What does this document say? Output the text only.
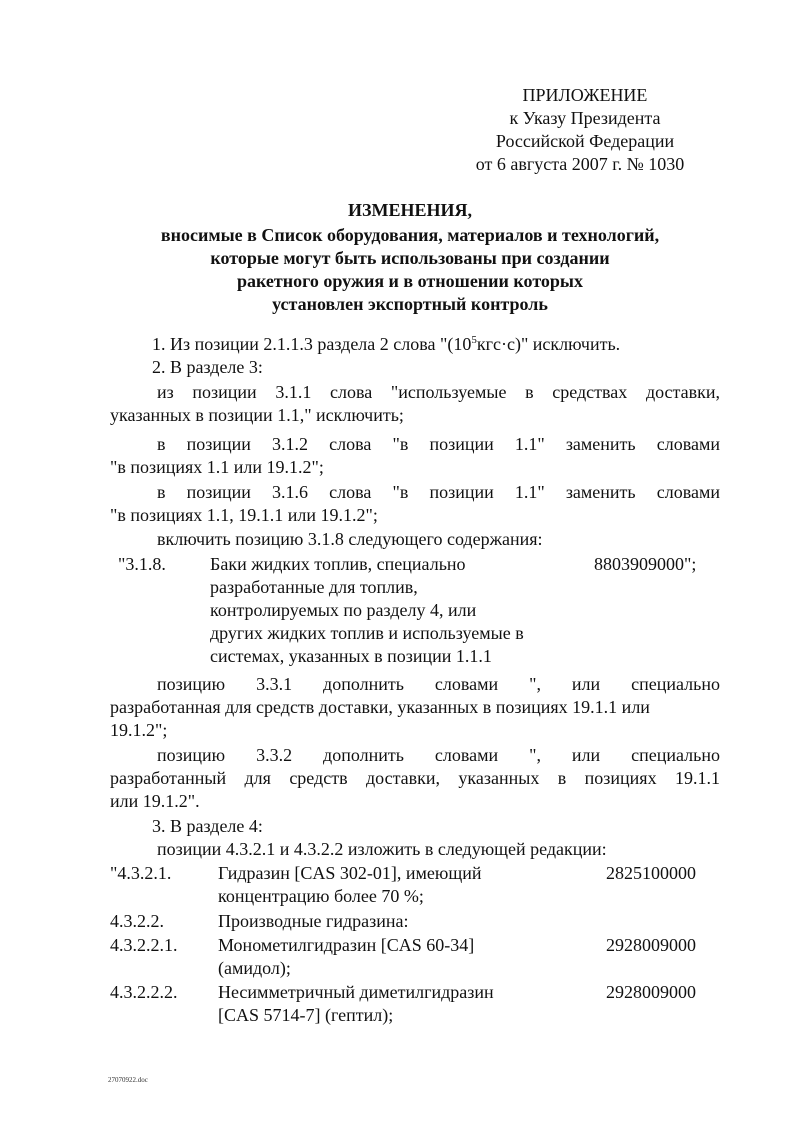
ПРИЛОЖЕНИЕ
к Указу Президента
Российской Федерации
от 6 августа 2007 г. № 1030
ИЗМЕНЕНИЯ,
вносимые в Список оборудования, материалов и технологий,
которые могут быть использованы при создании
ракетного оружия и в отношении которых
установлен экспортный контроль
1. Из позиции 2.1.1.3 раздела 2 слова "$(10^5кгс\cdot с)$" исключить.
2. В разделе 3:
из позиции 3.1.1 слова "используемые в средствах доставки,
указанных в позиции 1.1," исключить;
в позиции 3.1.2 слова "в позиции 1.1" заменить словами
"в позициях 1.1 или 19.1.2";
в позиции 3.1.6 слова "в позиции 1.1" заменить словами
"в позициях 1.1, 19.1.1 или 19.1.2";
включить позицию 3.1.8 следующего содержания:
"3.1.8. Баки жидких топлив, специально
разработанные для топлив,
контролируемых по разделу 4, или
других жидких топлив и используемые в
системах, указанных в позиции 1.1.1
8803909000";
позицию 3.3.1 дополнить словами ", или специально
разработанная для средств доставки, указанных в позициях 19.1.1 или
19.1.2";
позицию 3.3.2 дополнить словами ", или специально
разработанный для средств доставки, указанных в позициях 19.1.1
или 19.1.2".
3. В разделе 4:
позиции 4.3.2.1 и 4.3.2.2 изложить в следующей редакции:
"4.3.2.1.	Гидразин [CAS 302-01], имеющий
концентрацию более 70 %;
2825100000
4.3.2.2.	Производные гидразина:
4.3.2.2.1. Монометилгидразин [CAS 60-34]
(амидол);
2928009000
4.3.2.2.2. Несимметричный диметилгидразин
[CAS 5714-7] (гептил);
2928009000
27070922.doc
